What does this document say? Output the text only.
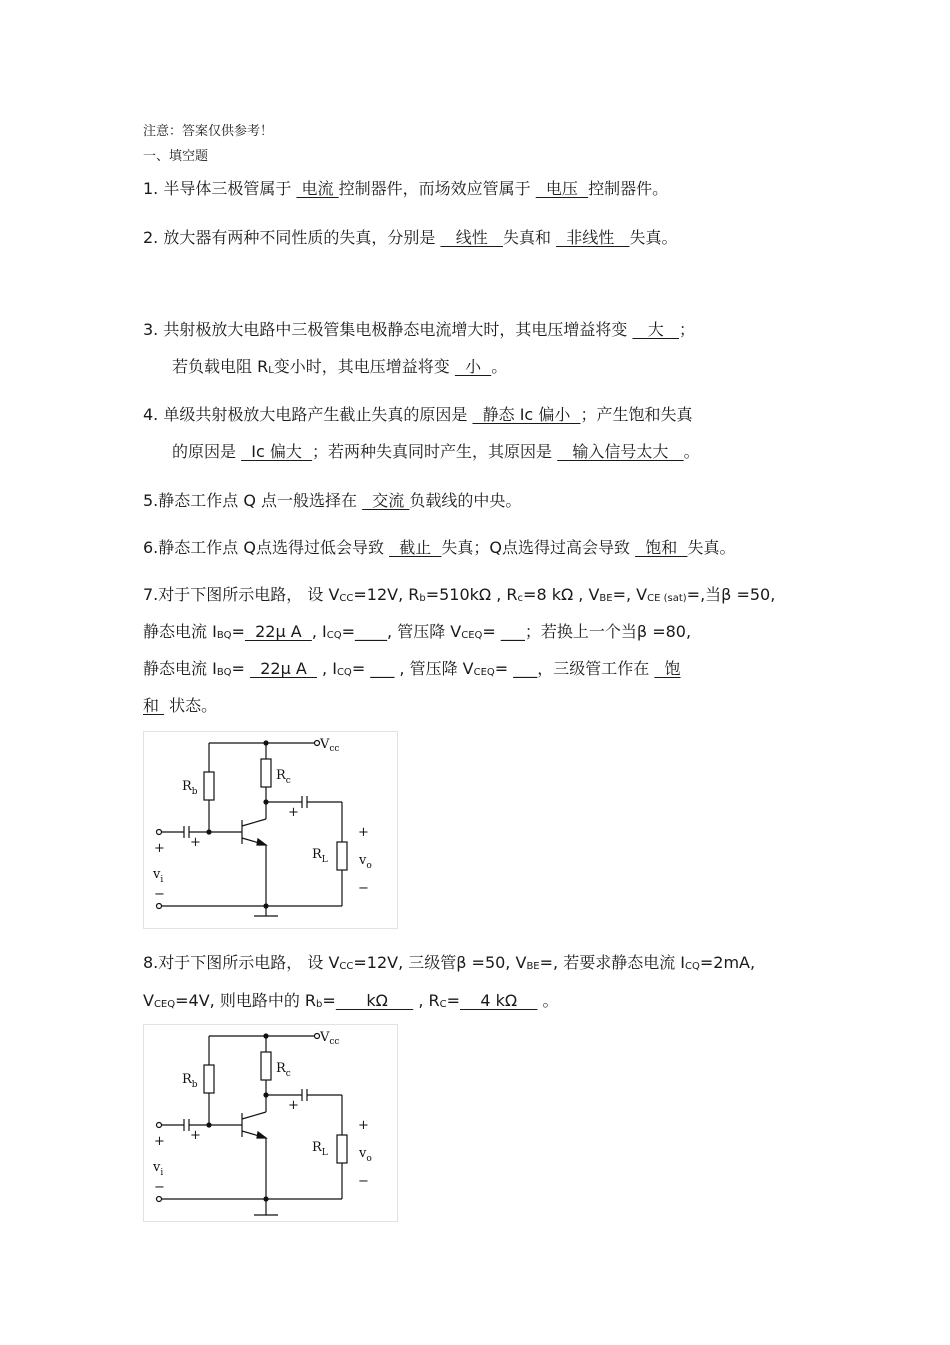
注意：答案仅供参考！
一、填空题
1. 半导体三极管属于  电流 控制器件，而场效应管属于   电压  控制器件。
2. 放大器有两种不同性质的失真，分别是    线性   失真和   非线性   失真。
3. 共射极放大电路中三极管集电极静态电流增大时，其电压增益将变    大   ；
若负载电阻 $R_L$变小时，其电压增益将变   小  。
4. 单级共射极放大电路产生截止失真的原因是   静态 Ic 偏小  ；产生饱和失真
的原因是   Ic 偏大  ；若两种失真同时产生，其原因是    输入信号太大   。
5.静态工作点 Q 点一般选择在   交流 负载线的中央。
6.静态工作点 Q点选得过低会导致   截止  失真；Q点选得过高会导致   饱和  失真。
7.对于下图所示电路， 设 $V_{CC}=12V$, $R_b=510k\Omega$ , $R_c=8$ kΩ , $V_{BE}=$, $V_{CE (sat)}=$,当β =50,
静态电流 $I_{BQ}= 22\mu$ A  , $I_{CQ}=\_\_\_\_$, 管压降 $V_{CEQ}=$ ___；若换上一个当β =80,
静态电流 $I_{BQ}= 22\mu$ A   , $I_{CQ}=$ ___ , 管压降 $V_{CEQ}=$ ___，三级管工作在   饱
和  状态。
$V_{cc}$
$R_b$
$R_c$
$R_L$
$v_i$
$v_o$
+
−
+
−
+
+
8.对于下图所示电路， 设 $V_{CC}=12V$, 三级管β =50, $V_{BE}=$, 若要求静态电流 $I_{CQ}=2mA$,
$V_{CEQ}=4V$, 则电路中的 $R_b=$      kΩ      , $R_C=$    4 kΩ     。
$V_{cc}$
$R_b$
$R_c$
$R_L$
$v_i$
$v_o$
+
−
+
−
+
+
